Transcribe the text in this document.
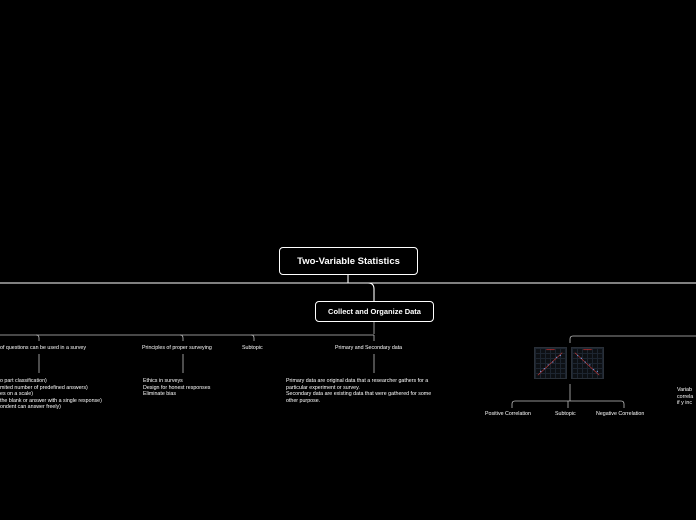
Two-Variable Statistics
Collect and Organize Data
of questions can be used in a survey	Principles of proper surveying	Subtopic	Primary and Secondary data
o part classification)
mited number of predefined answers)
es on a scale)
the blank or answer with a single response)
ondent can answer freely)
Ethics in surveys
Design for honest responses
Eliminate bias
Primary data are original data that a researcher gathers for a
particular experiment or survey.
Secondary data are existing data that were gathered for some
other purpose.
Positive Correlation	Subtopic	Negative Correlation
Variab
correla
if y inc
